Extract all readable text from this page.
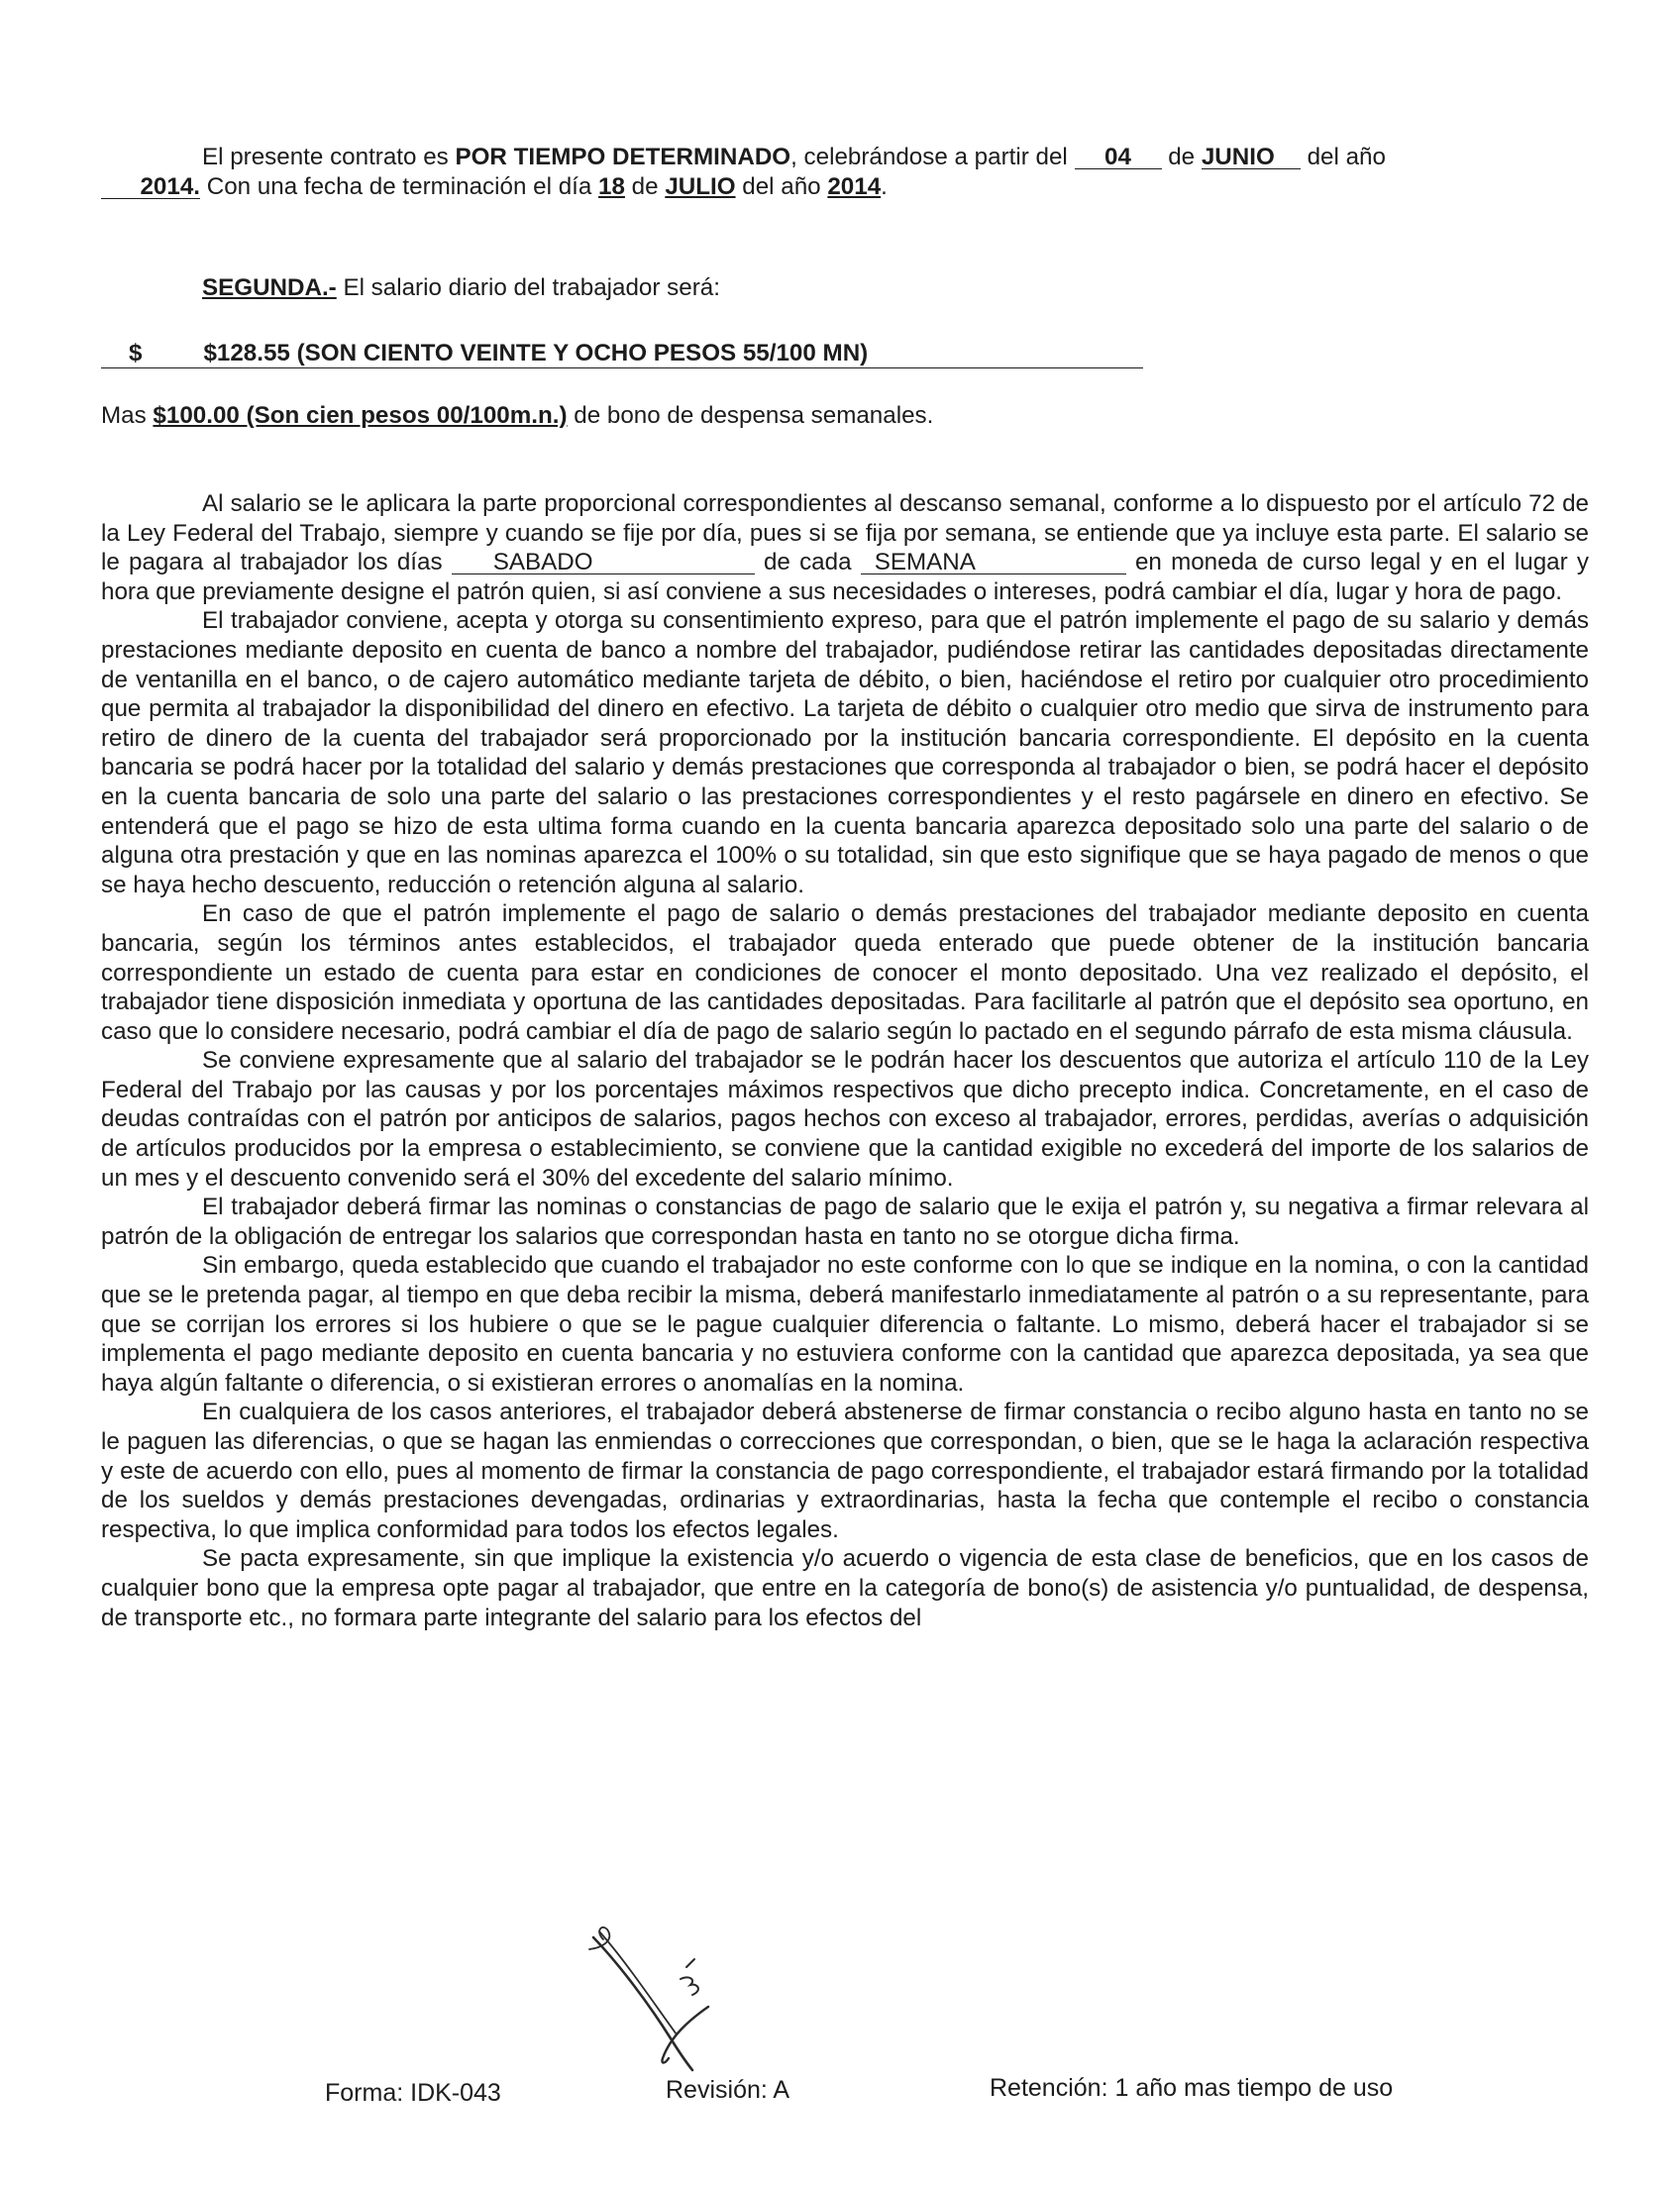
El presente contrato es POR TIEMPO DETERMINADO, celebrándose a partir del 04 de JUNIO del año
2014. Con una fecha de terminación el día 18 de JULIO del año 2014.

SEGUNDA.- El salario diario del trabajador será:

$	$128.55 (SON CIENTO VEINTE Y OCHO PESOS 55/100 MN)

Mas $100.00 (Son cien pesos 00/100m.n.) de bono de despensa semanales.

Al salario se le aplicara la parte proporcional correspondientes al descanso semanal, conforme a lo dispuesto por el artículo 72 de la Ley Federal del Trabajo, siempre y cuando se fije por día, pues si se fija por semana, se entiende que ya incluye esta parte. El salario se le pagara al trabajador los días SABADO	de cada SEMANA	en moneda de curso legal y en el lugar y hora que previamente designe el patrón quien, si así conviene a sus necesidades o intereses, podrá cambiar el día, lugar y hora de pago.

El trabajador conviene, acepta y otorga su consentimiento expreso, para que el patrón implemente el pago de su salario y demás prestaciones mediante deposito en cuenta de banco a nombre del trabajador, pudiéndose retirar las cantidades depositadas directamente de ventanilla en el banco, o de cajero automático mediante tarjeta de débito, o bien, haciéndose el retiro por cualquier otro procedimiento que permita al trabajador la disponibilidad del dinero en efectivo. La tarjeta de débito o cualquier otro medio que sirva de instrumento para retiro de dinero de la cuenta del trabajador será proporcionado por la institución bancaria correspondiente. El depósito en la cuenta bancaria se podrá hacer por la totalidad del salario y demás prestaciones que corresponda al trabajador o bien, se podrá hacer el depósito en la cuenta bancaria de solo una parte del salario o las prestaciones correspondientes y el resto pagársele en dinero en efectivo. Se entenderá que el pago se hizo de esta ultima forma cuando en la cuenta bancaria aparezca depositado solo una parte del salario o de alguna otra prestación y que en las nominas aparezca el 100% o su totalidad, sin que esto signifique que se haya pagado de menos o que se haya hecho descuento, reducción o retención alguna al salario.

En caso de que el patrón implemente el pago de salario o demás prestaciones del trabajador mediante deposito en cuenta bancaria, según los términos antes establecidos, el trabajador queda enterado que puede obtener de la institución bancaria correspondiente un estado de cuenta para estar en condiciones de conocer el monto depositado. Una vez realizado el depósito, el trabajador tiene disposición inmediata y oportuna de las cantidades depositadas. Para facilitarle al patrón que el depósito sea oportuno, en caso que lo considere necesario, podrá cambiar el día de pago de salario según lo pactado en el segundo párrafo de esta misma cláusula.

Se conviene expresamente que al salario del trabajador se le podrán hacer los descuentos que autoriza el artículo 110 de la Ley Federal del Trabajo por las causas y por los porcentajes máximos respectivos que dicho precepto indica. Concretamente, en el caso de deudas contraídas con el patrón por anticipos de salarios, pagos hechos con exceso al trabajador, errores, perdidas, averías o adquisición de artículos producidos por la empresa o establecimiento, se conviene que la cantidad exigible no excederá del importe de los salarios de un mes y el descuento convenido será el 30% del excedente del salario mínimo.

El trabajador deberá firmar las nominas o constancias de pago de salario que le exija el patrón y, su negativa a firmar relevara al patrón de la obligación de entregar los salarios que correspondan hasta en tanto no se otorgue dicha firma.

Sin embargo, queda establecido que cuando el trabajador no este conforme con lo que se indique en la nomina, o con la cantidad que se le pretenda pagar, al tiempo en que deba recibir la misma, deberá manifestarlo inmediatamente al patrón o a su representante, para que se corrijan los errores si los hubiere o que se le pague cualquier diferencia o faltante. Lo mismo, deberá hacer el trabajador si se implementa el pago mediante deposito en cuenta bancaria y no estuviera conforme con la cantidad que aparezca depositada, ya sea que haya algún faltante o diferencia, o si existieran errores o anomalías en la nomina.

En cualquiera de los casos anteriores, el trabajador deberá abstenerse de firmar constancia o recibo alguno hasta en tanto no se le paguen las diferencias, o que se hagan las enmiendas o correcciones que correspondan, o bien, que se le haga la aclaración respectiva y este de acuerdo con ello, pues al momento de firmar la constancia de pago correspondiente, el trabajador estará firmando por la totalidad de los sueldos y demás prestaciones devengadas, ordinarias y extraordinarias, hasta la fecha que contemple el recibo o constancia respectiva, lo que implica conformidad para todos los efectos legales.

Se pacta expresamente, sin que implique la existencia y/o acuerdo o vigencia de esta clase de beneficios, que en los casos de cualquier bono que la empresa opte pagar al trabajador, que entre en la categoría de bono(s) de asistencia y/o puntualidad, de despensa, de transporte etc., no formara parte integrante del salario para los efectos del

Forma: IDK-043	Revisión: A	Retención: 1 año mas tiempo de uso
